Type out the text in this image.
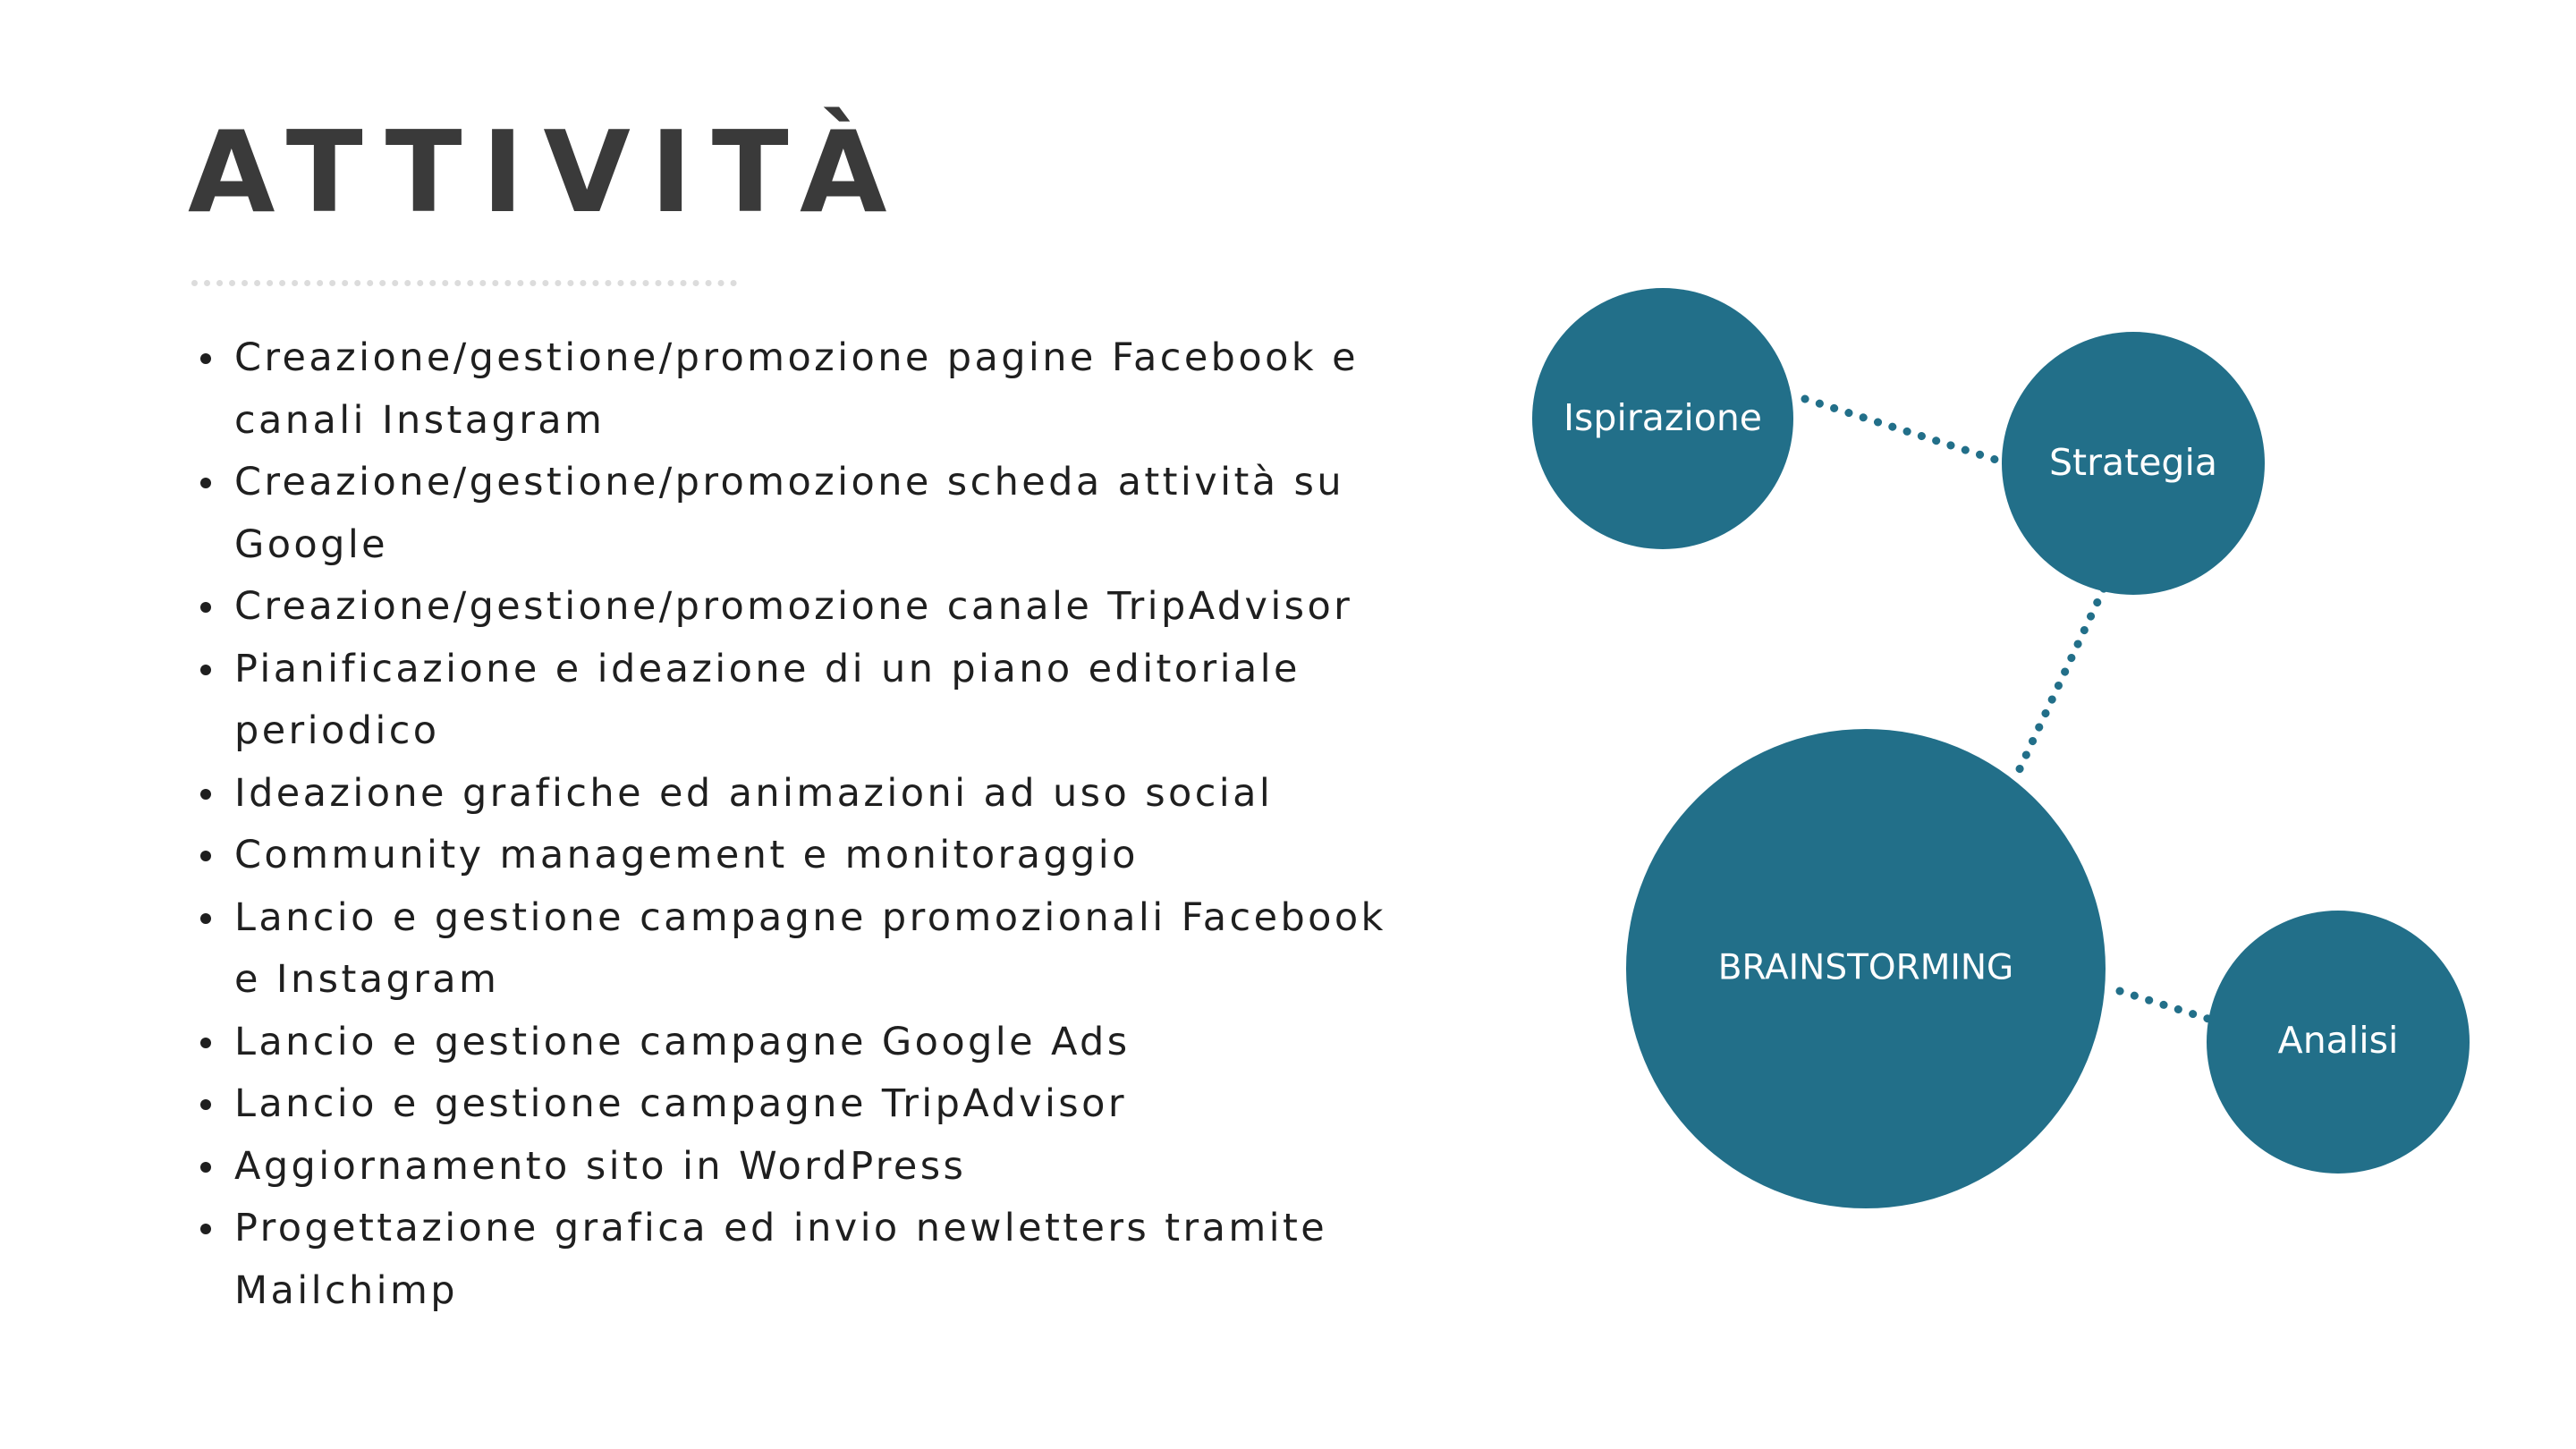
ATTIVITÀ
Creazione/gestione/promozione pagine Facebook e
canali Instagram
Creazione/gestione/promozione scheda attività su
Google
Creazione/gestione/promozione canale TripAdvisor
Pianificazione e ideazione di un piano editoriale
periodico
Ideazione grafiche ed animazioni ad uso social
Community management e monitoraggio
Lancio e gestione campagne promozionali Facebook
e Instagram
Lancio e gestione campagne Google Ads
Lancio e gestione campagne TripAdvisor
Aggiornamento sito in WordPress
Progettazione grafica ed invio newletters tramite
Mailchimp
Ispirazione
Strategia
BRAINSTORMING
Analisi
